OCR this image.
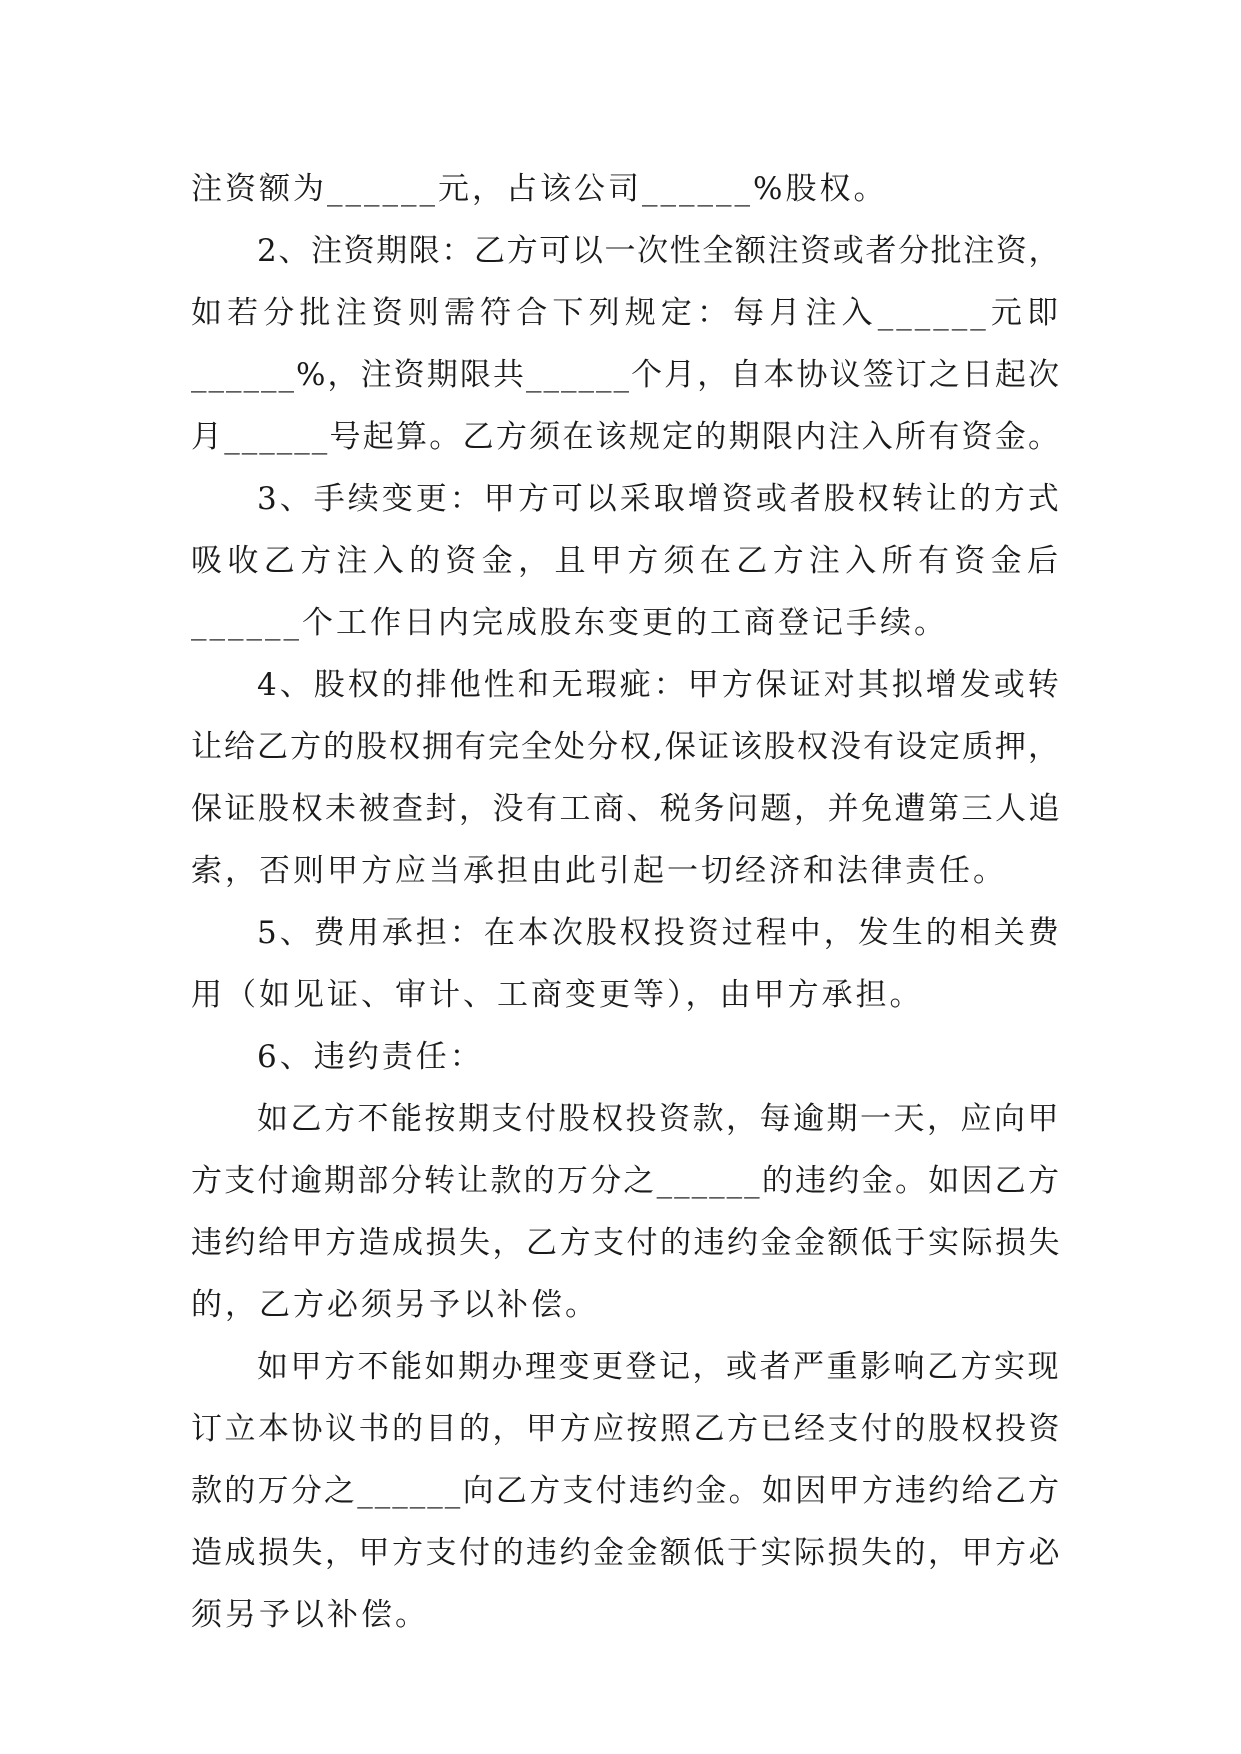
注资额为______元，占该公司______%股权。
2、注资期限：乙方可以一次性全额注资或者分批注资，
如若分批注资则需符合下列规定：每月注入______元即
______%，注资期限共______个月，自本协议签订之日起次
月______号起算。乙方须在该规定的期限内注入所有资金。
3、手续变更：甲方可以采取增资或者股权转让的方式
吸收乙方注入的资金，且甲方须在乙方注入所有资金后
______个工作日内完成股东变更的工商登记手续。
4、股权的排他性和无瑕疵：甲方保证对其拟增发或转
让给乙方的股权拥有完全处分权,保证该股权没有设定质押，
保证股权未被查封，没有工商、税务问题，并免遭第三人追
索，否则甲方应当承担由此引起一切经济和法律责任。
5、费用承担：在本次股权投资过程中，发生的相关费
用（如见证、审计、工商变更等），由甲方承担。
6、违约责任：
如乙方不能按期支付股权投资款，每逾期一天，应向甲
方支付逾期部分转让款的万分之______的违约金。如因乙方
违约给甲方造成损失，乙方支付的违约金金额低于实际损失
的，乙方必须另予以补偿。
如甲方不能如期办理变更登记，或者严重影响乙方实现
订立本协议书的目的，甲方应按照乙方已经支付的股权投资
款的万分之______向乙方支付违约金。如因甲方违约给乙方
造成损失，甲方支付的违约金金额低于实际损失的，甲方必
须另予以补偿。
